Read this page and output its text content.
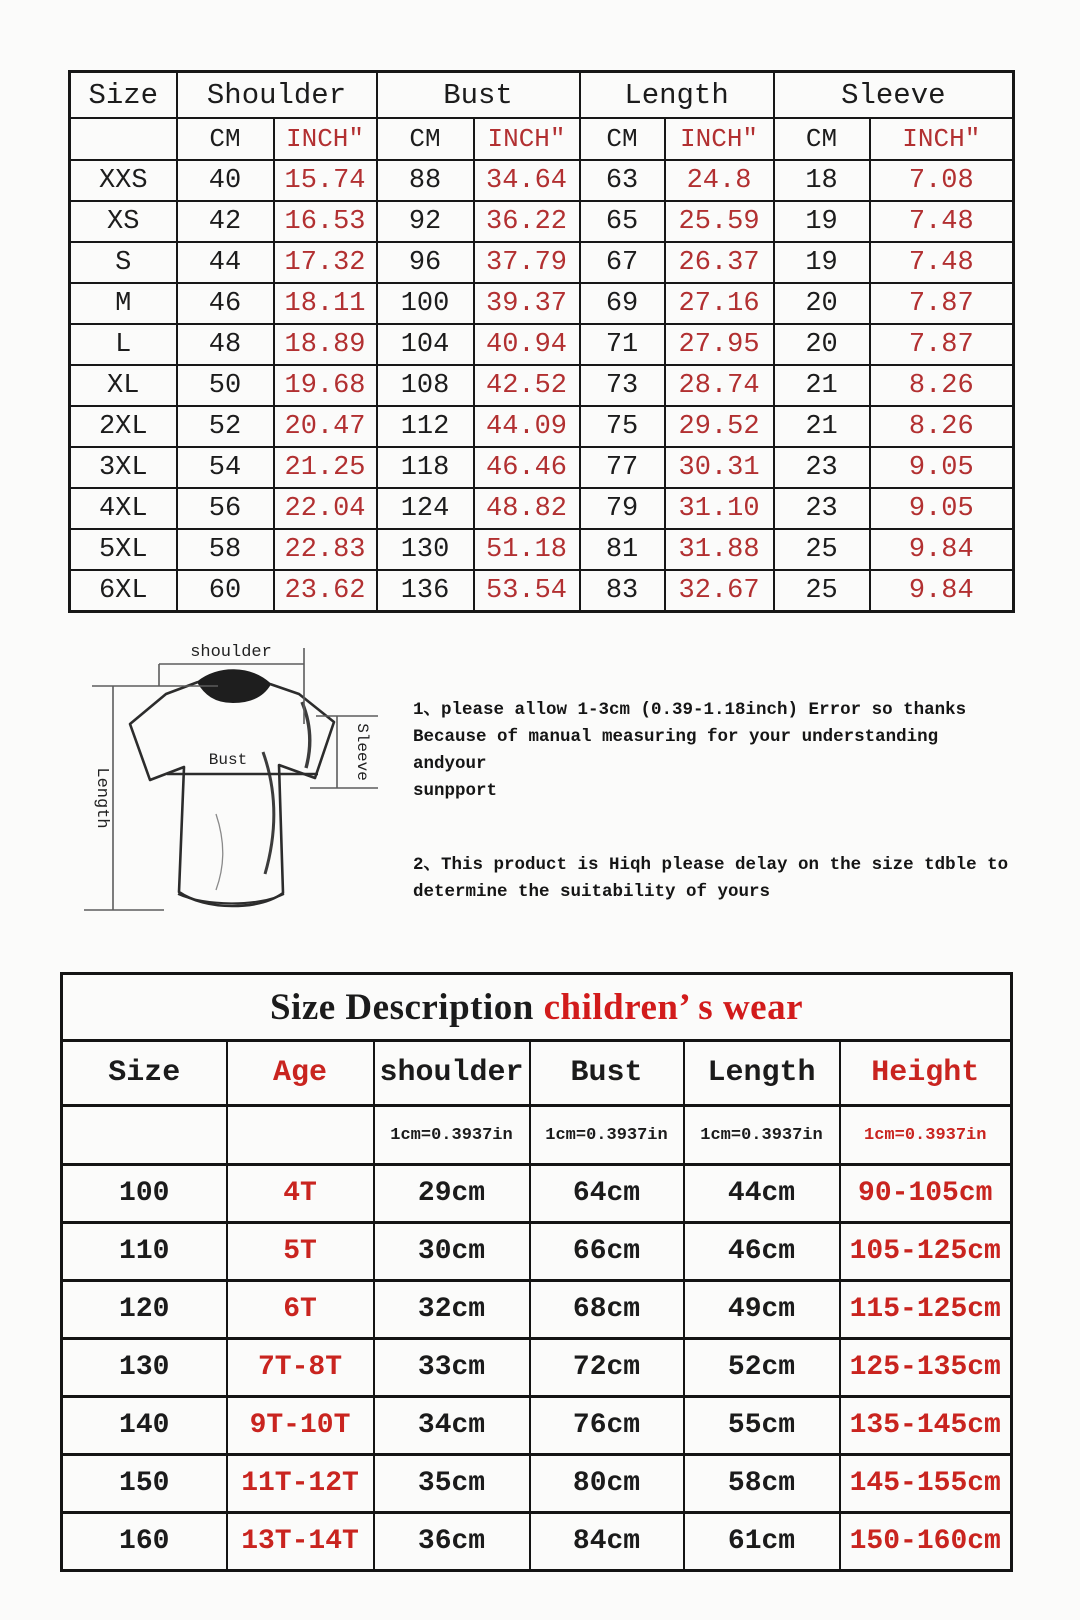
Size	Shoulder		Bust		Length		Sleeve	
	CM	INCH″	CM	INCH″	CM	INCH″	CM	INCH″
XXS	40	15.74	88	34.64	63	24.8	18	7.08
XS	42	16.53	92	36.22	65	25.59	19	7.48
S	44	17.32	96	37.79	67	26.37	19	7.48
M	46	18.11	100	39.37	69	27.16	20	7.87
L	48	18.89	104	40.94	71	27.95	20	7.87
XL	50	19.68	108	42.52	73	28.74	21	8.26
2XL	52	20.47	112	44.09	75	29.52	21	8.26
3XL	54	21.25	118	46.46	77	30.31	23	9.05
4XL	56	22.04	124	48.82	79	31.10	23	9.05
5XL	58	22.83	130	51.18	81	31.88	25	9.84
6XL	60	23.62	136	53.54	83	32.67	25	9.84
shoulder
Bust
Length
Sleeve
1、please allow 1-3cm (0.39-1.18inch) Error so thanks
Because of manual measuring for your understanding andyour
sunpport
2、This product is Hiqh please delay on the size tdble to
determine the suitability of yours
Size Description children’ s wear					
Size	Age	shoulder	Bust	Length	Height
		1cm=0.3937in	1cm=0.3937in	1cm=0.3937in	1cm=0.3937in
100	4T	29cm	64cm	44cm	90-105cm
110	5T	30cm	66cm	46cm	105-125cm
120	6T	32cm	68cm	49cm	115-125cm
130	7T-8T	33cm	72cm	52cm	125-135cm
140	9T-10T	34cm	76cm	55cm	135-145cm
150	11T-12T	35cm	80cm	58cm	145-155cm
160	13T-14T	36cm	84cm	61cm	150-160cm
